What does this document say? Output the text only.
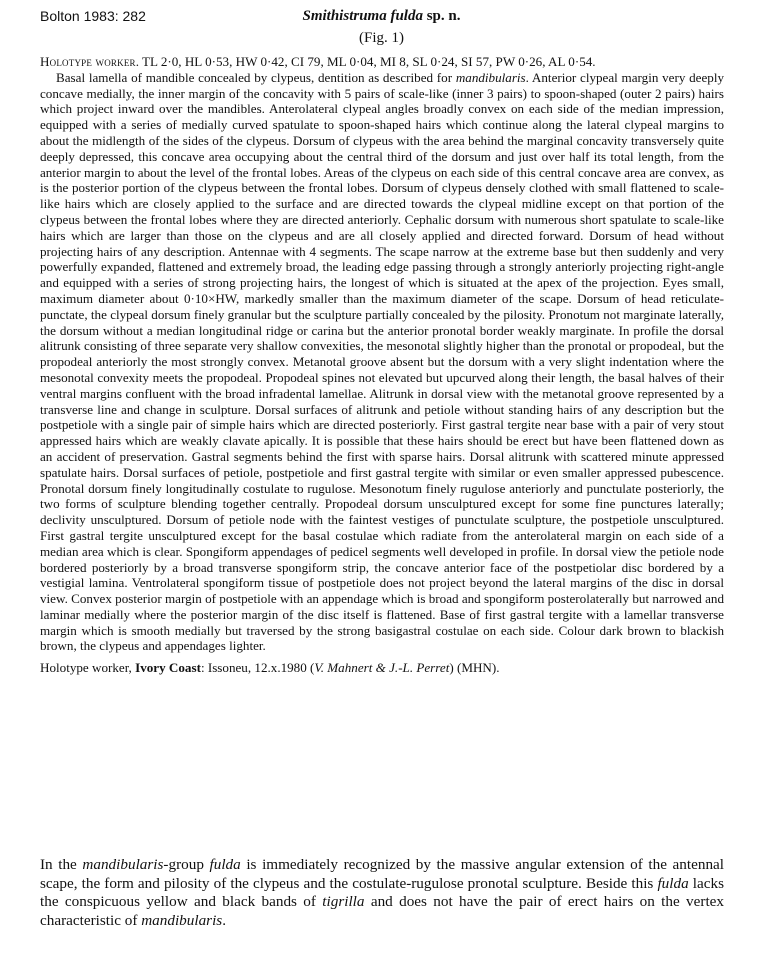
Bolton 1983: 282	Smithistruma fulda sp. n.
(Fig. 1)

Holotype worker. TL 2·0, HL 0·53, HW 0·42, CI 79, ML 0·04, MI 8, SL 0·24, SI 57, PW 0·26, AL 0·54.

Basal lamella of mandible concealed by clypeus, dentition as described for mandibularis. Anterior clypeal margin very deeply concave medially, the inner margin of the concavity with 5 pairs of scale-like (inner 3 pairs) to spoon-shaped (outer 2 pairs) hairs which project inward over the mandibles. Anterolateral clypeal angles broadly convex on each side of the median impression, equipped with a series of medially curved spatulate to spoon-shaped hairs which continue along the lateral clypeal margins to about the midlength of the sides of the clypeus. Dorsum of clypeus with the area behind the marginal concavity transversely quite deeply depressed, this concave area occupying about the central third of the dorsum and just over half its total length, from the anterior margin to about the level of the frontal lobes. Areas of the clypeus on each side of this central concave area are convex, as is the posterior portion of the clypeus between the frontal lobes. Dorsum of clypeus densely clothed with small flattened to scale-like hairs which are closely applied to the surface and are directed towards the clypeal midline except on that portion of the clypeus between the frontal lobes where they are directed anteriorly. Cephalic dorsum with numerous short spatulate to scale-like hairs which are larger than those on the clypeus and are all closely applied and directed forward. Dorsum of head without projecting hairs of any description. Antennae with 4 segments. The scape narrow at the extreme base but then suddenly and very powerfully expanded, flattened and extremely broad, the leading edge passing through a strongly anteriorly projecting right-angle and equipped with a series of strong projecting hairs, the longest of which is situated at the apex of the projection. Eyes small, maximum diameter about 0·10×HW, markedly smaller than the maximum diameter of the scape. Dorsum of head reticulate-punctate, the clypeal dorsum finely granular but the sculpture partially concealed by the pilosity. Pronotum not marginate laterally, the dorsum without a median longitudinal ridge or carina but the anterior pronotal border weakly marginate. In profile the dorsal alitrunk consisting of three separate very shallow convexities, the mesonotal slightly higher than the pronotal or propodeal, but the propodeal anteriorly the most strongly convex. Metanotal groove absent but the dorsum with a very slight indentation where the mesonotal convexity meets the propodeal. Propodeal spines not elevated but upcurved along their length, the basal halves of their ventral margins confluent with the broad infradental lamellae. Alitrunk in dorsal view with the metanotal groove represented by a transverse line and change in sculpture. Dorsal surfaces of alitrunk and petiole without standing hairs of any description but the postpetiole with a single pair of simple hairs which are directed posteriorly. First gastral tergite near base with a pair of very stout appressed hairs which are weakly clavate apically. It is possible that these hairs should be erect but have been flattened down as an accident of preservation. Gastral segments behind the first with sparse hairs. Dorsal alitrunk with scattered minute appressed spatulate hairs. Dorsal surfaces of petiole, postpetiole and first gastral tergite with similar or even smaller appressed pubescence. Pronotal dorsum finely longitudinally costulate to rugulose. Mesonotum finely rugulose anteriorly and punctulate posteriorly, the two forms of sculpture blending together centrally. Propodeal dorsum unsculptured except for some fine punctures laterally; declivity unsculptured. Dorsum of petiole node with the faintest vestiges of punctulate sculpture, the postpetiole unsculptured. First gastral tergite unsculptured except for the basal costulae which radiate from the anterolateral margin on each side of a median area which is clear. Spongiform appendages of pedicel segments well developed in profile. In dorsal view the petiole node bordered posteriorly by a broad transverse spongiform strip, the concave anterior face of the postpetiolar disc bordered by a vestigial lamina. Ventrolateral spongiform tissue of postpetiole does not project beyond the lateral margins of the disc in dorsal view. Convex posterior margin of postpetiole with an appendage which is broad and spongiform posterolaterally but narrowed and laminar medially where the posterior margin of the disc itself is flattened. Base of first gastral tergite with a lamellar transverse margin which is smooth medially but traversed by the strong basigastral costulae on each side. Colour dark brown to blackish brown, the clypeus and appendages lighter.

Holotype worker, Ivory Coast: Issoneu, 12.x.1980 (V. Mahnert & J.-L. Perret) (MHN).

In the mandibularis-group fulda is immediately recognized by the massive angular extension of the antennal scape, the form and pilosity of the clypeus and the costulate-rugulose pronotal sculpture. Beside this fulda lacks the conspicuous yellow and black bands of tigrilla and does not have the pair of erect hairs on the vertex characteristic of mandibularis.
